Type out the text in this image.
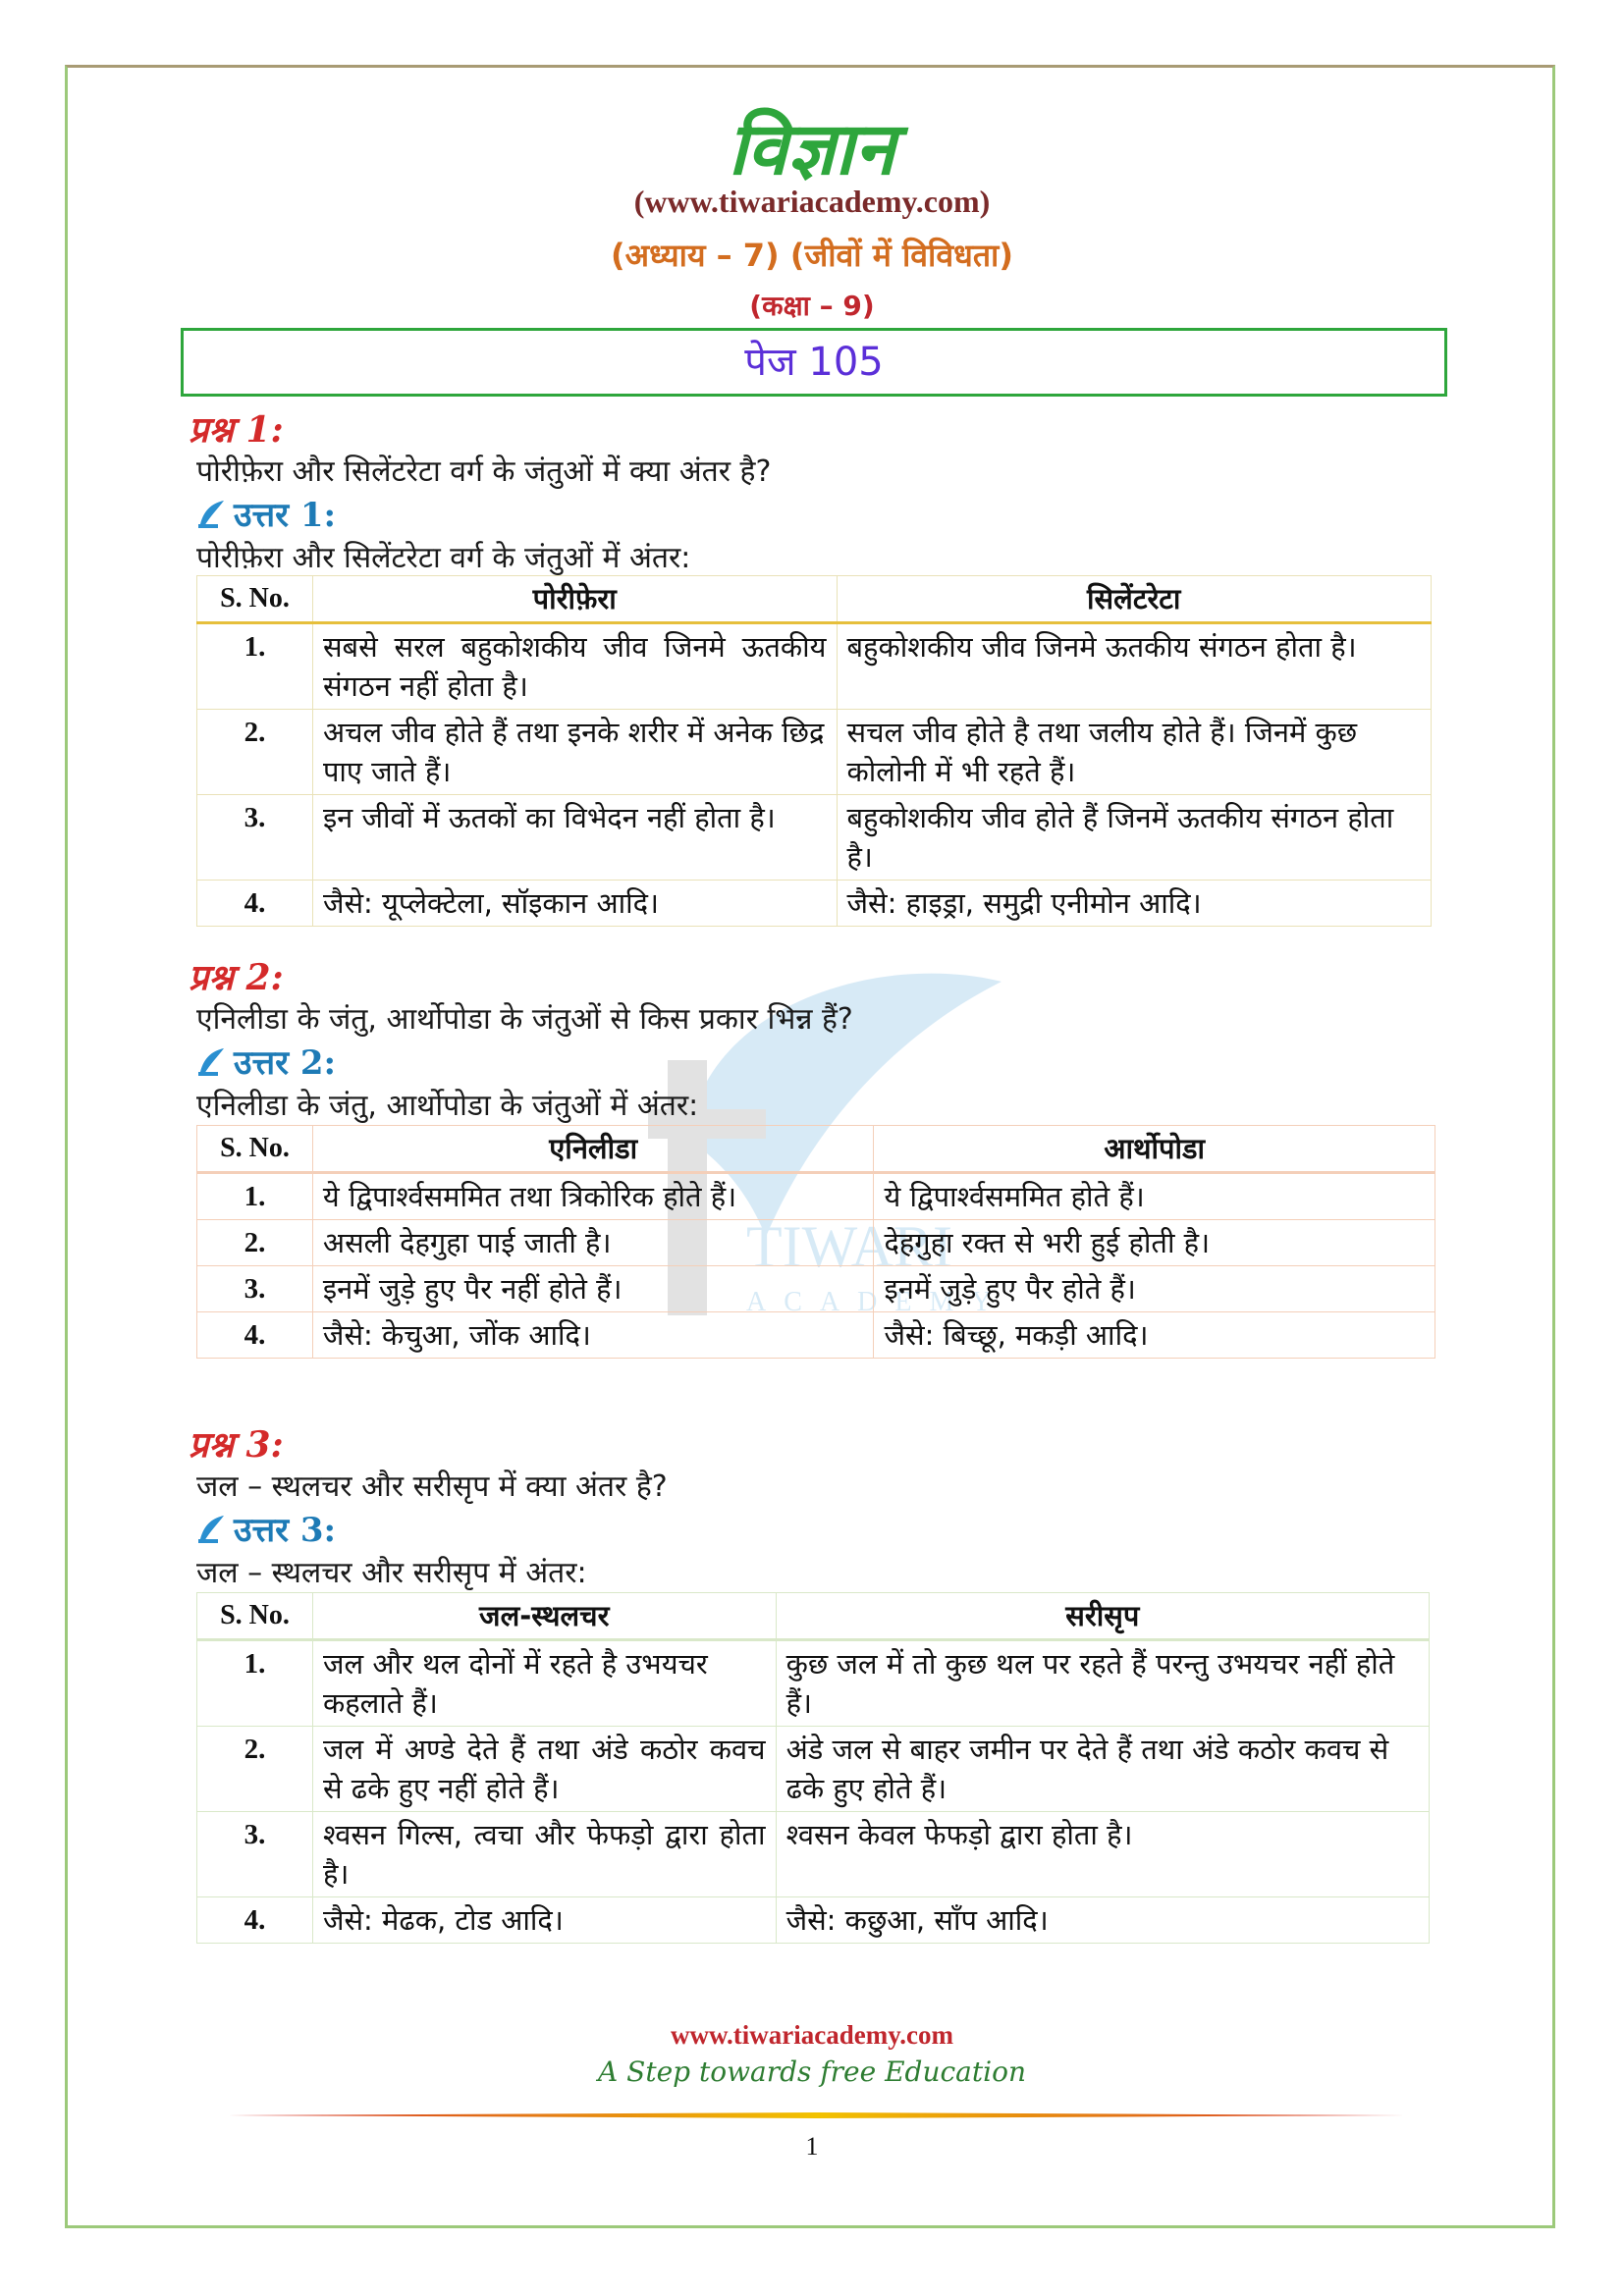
TIWARI
ACADEMY
विज्ञान
(www.tiwariacademy.com)
(अध्याय – 7) (जीवों में विविधता)
(कक्षा – 9)
पेज 105
प्रश्न 1:
पोरीफ़ेरा और सिलेंटरेटा वर्ग के जंतुओं में क्या अंतर है?
उत्तर 1:
पोरीफ़ेरा और सिलेंटरेटा वर्ग के जंतुओं में अंतर:
S. No.	पोरीफ़ेरा	सिलेंटरेटा
1.	सबसे सरल बहुकोशकीय जीव जिनमे ऊतकीय संगठन नहीं होता है।	बहुकोशकीय जीव जिनमे ऊतकीय संगठन होता है।
2.	अचल जीव होते हैं तथा इनके शरीर में अनेक छिद्र पाए जाते हैं।	सचल जीव होते है तथा जलीय होते हैं। जिनमें कुछ कोलोनी में भी रहते हैं।
3.	इन जीवों में ऊतकों का विभेदन नहीं होता है।	बहुकोशकीय जीव होते हैं जिनमें ऊतकीय संगठन होता है।
4.	जैसे: यूप्लेक्टेला, सॉइकान आदि।	जैसे: हाइड्रा, समुद्री एनीमोन आदि।
प्रश्न 2:
एनिलीडा के जंतु, आर्थोपोडा के जंतुओं से किस प्रकार भिन्न हैं?
उत्तर 2:
एनिलीडा के जंतु, आर्थोपोडा के जंतुओं में अंतर:
S. No.	एनिलीडा	आर्थोपोडा
1.	ये द्विपार्श्वसममित तथा त्रिकोरिक होते हैं।	ये द्विपार्श्वसममित होते हैं।
2.	असली देहगुहा पाई जाती है।	देहगुहा रक्त से भरी हुई होती है।
3.	इनमें जुड़े हुए पैर नहीं होते हैं।	इनमें जुड़े हुए पैर होते हैं।
4.	जैसे: केचुआ, जोंक आदि।	जैसे: बिच्छू, मकड़ी आदि।
प्रश्न 3:
जल – स्थलचर और सरीसृप में क्या अंतर है?
उत्तर 3:
जल – स्थलचर और सरीसृप में अंतर:
S. No.	जल-स्थलचर	सरीसृप
1.	जल और थल दोनों में रहते है उभयचर कहलाते हैं।	कुछ जल में तो कुछ थल पर रहते हैं परन्तु उभयचर नहीं होते हैं।
2.	जल में अण्डे देते हैं तथा अंडे कठोर कवच से ढके हुए नहीं होते हैं।	अंडे जल से बाहर जमीन पर देते हैं तथा अंडे कठोर कवच से ढके हुए होते हैं।
3.	श्वसन गिल्स, त्वचा और फेफड़ो द्वारा होता है।	श्वसन केवल फेफड़ो द्वारा होता है।
4.	जैसे: मेढक, टोड आदि।	जैसे: कछुआ, साँप आदि।
www.tiwariacademy.com
A Step towards free Education
1
